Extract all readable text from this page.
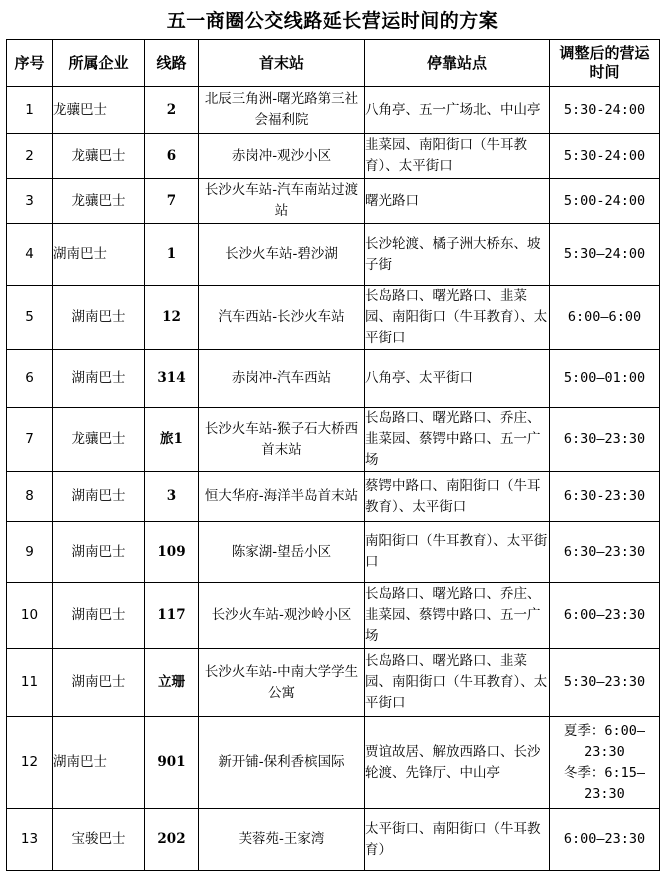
五一商圈公交线路延长营运时间的方案
序号	所属企业	线路	首末站	停靠站点	调整后的营运
时间

1	龙骧巴士	2	北辰三角洲-曙光路第三社会福利院	八角亭、五一广场北、中山亭	5:30-24:00

2	龙骧巴士	6	赤岗冲-观沙小区	韭菜园、南阳街口（牛耳教育）、太平街口	5:30-24:00

3	龙骧巴士	7	长沙火车站-汽车南站过渡站	曙光路口	5:00-24:00

4	湖南巴士	1	长沙火车站-碧沙湖	长沙轮渡、橘子洲大桥东、坡子街	5:30—24:00

5	湖南巴士	12	汽车西站-长沙火车站	长岛路口、曙光路口、韭菜园、南阳街口（牛耳教育）、太平街口	6:00—6:00

6	湖南巴士	314	赤岗冲-汽车西站	八角亭、太平街口	5:00—01:00

7	龙骧巴士	旅1	长沙火车站-猴子石大桥西首末站	长岛路口、曙光路口、乔庄、韭菜园、蔡锷中路口、五一广场	6:30—23:30

8	湖南巴士	3	恒大华府-海洋半岛首末站	蔡锷中路口、南阳街口（牛耳教育）、太平街口	6:30-23:30

9	湖南巴士	109	陈家湖-望岳小区	南阳街口（牛耳教育）、太平街口	6:30—23:30

10	湖南巴士	117	长沙火车站-观沙岭小区	长岛路口、曙光路口、乔庄、韭菜园、蔡锷中路口、五一广场	6:00—23:30

11	湖南巴士	立珊	长沙火车站-中南大学学生公寓	长岛路口、曙光路口、韭菜园、南阳街口（牛耳教育）、太平街口	5:30—23:30

12	湖南巴士	901	新开铺-保利香槟国际	贾谊故居、解放西路口、长沙轮渡、先锋厅、中山亭	夏季：6:00—
23:30
冬季：6:15—
23:30

13	宝骏巴士	202	芙蓉苑-王家湾	太平街口、南阳街口（牛耳教育）	6:00—23:30
